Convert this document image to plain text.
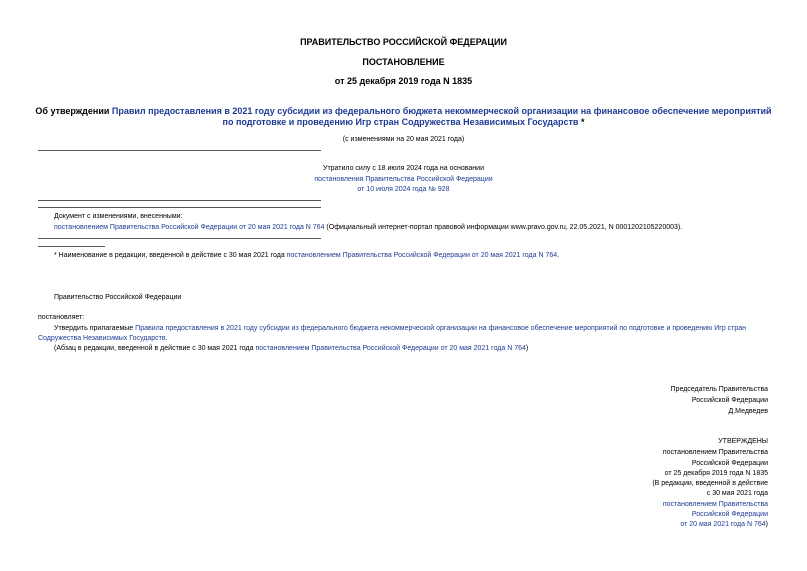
ПРАВИТЕЛЬСТВО РОССИЙСКОЙ ФЕДЕРАЦИИ
ПОСТАНОВЛЕНИЕ
от 25 декабря 2019 года N 1835
Об утверждении Правил предоставления в 2021 году субсидии из федерального бюджета некоммерческой организации на финансовое обеспечение мероприятий
по подготовке и проведению Игр стран Содружества Независимых Государств *
(с изменениями на 20 мая 2021 года)
Утратило силу с 18 июля 2024 года на основании
постановления Правительства Российской Федерации
от 10 июля 2024 года № 928
Документ с изменениями, внесенными:
постановлением Правительства Российской Федерации от 20 мая 2021 года N 764 (Официальный интернет-портал правовой информации www.pravo.gov.ru, 22.05.2021, N 0001202105220003).
* Наименование в редакции, введенной в действие с 30 мая 2021 года постановлением Правительства Российской Федерации от 20 мая 2021 года N 764.
Правительство Российской Федерации
постановляет:
Утвердить прилагаемые Правила предоставления в 2021 году субсидии из федерального бюджета некоммерческой организации на финансовое обеспечение мероприятий по подготовке и проведению Игр стран
Содружества Независимых Государств.
(Абзац в редакции, введенной в действие с 30 мая 2021 года постановлением Правительства Российской Федерации от 20 мая 2021 года N 764)
Председатель Правительства
Российской Федерации
Д.Медведев
УТВЕРЖДЕНЫ
постановлением Правительства
Российской Федерации
от 25 декабря 2019 года N 1835
(В редакции, введенной в действие
с 30 мая 2021 года
постановлением Правительства
Российской Федерации
от 20 мая 2021 года N 764)
